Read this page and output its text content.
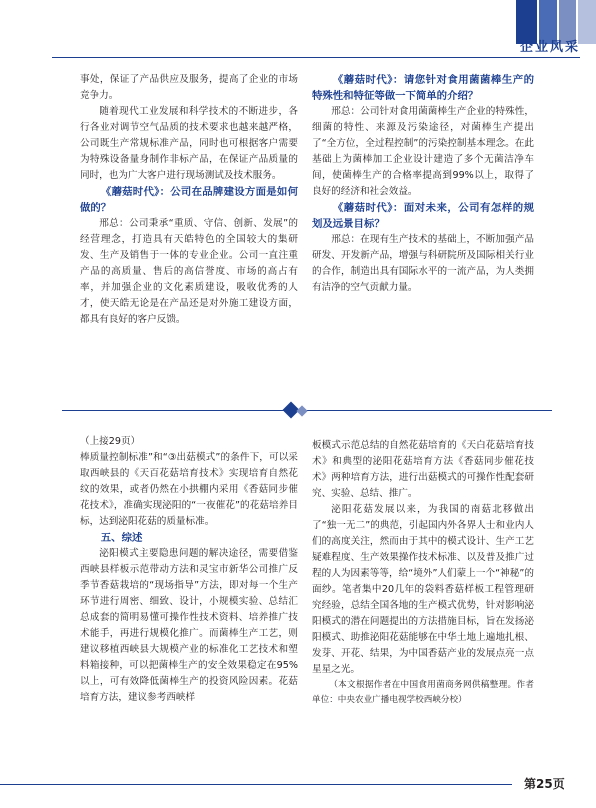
企业风采

事处，保证了产品供应及服务，提高了企业的市场竞争力。

随着现代工业发展和科学技术的不断进步，各行各业对调节空气品质的技术要求也越来越严格，公司既生产常规标准产品，同时也可根据客户需要为特殊设备量身制作非标产品，在保证产品质量的同时，也为广大客户进行现场测试及技术服务。

《蘑菇时代》：公司在品牌建设方面是如何做的？

邢总：公司秉承“重质、守信、创新、发展”的经营理念，打造具有天皓特色的全国较大的集研发、生产及销售于一体的专业企业。公司一直注重产品的高质量、售后的高信誉度、市场的高占有率，并加强企业的文化素质建设，吸收优秀的人才，使天皓无论是在产品还是对外施工建设方面，都具有良好的客户反馈。

《蘑菇时代》：请您针对食用菌菌棒生产的特殊性和特征等做一下简单的介绍？

邢总：公司针对食用菌菌棒生产企业的特殊性，细菌的特性、来源及污染途径，对菌棒生产提出了“全方位，全过程控制”的污染控制基本理念。在此基础上为菌棒加工企业设计建造了多个无菌洁净车间，使菌棒生产的合格率提高到99%以上，取得了良好的经济和社会效益。

《蘑菇时代》：面对未来，公司有怎样的规划及远景目标？

邢总：在现有生产技术的基础上，不断加强产品研发、开发新产品，增强与科研院所及国际相关行业的合作，制造出具有国际水平的一流产品，为人类拥有洁净的空气贡献力量。

（上接29页）

棒质量控制标准”和“③出菇模式”的条件下，可以采取西峡县的《天百花菇培育技术》实现培育自然花纹的效果，或者仍然在小拱棚内采用《香菇同步催花技术》，准确实现泌阳的“一夜催花”的花菇培养目标，达到泌阳花菇的质量标准。

五、综述

泌阳模式主要隐患问题的解决途径，需要借鉴西峡县样板示范带动方法和灵宝市新华公司推广反季节香菇栽培的“现场指导”方法，即对每一个生产环节进行周密、细致、设计，小规模实验、总结汇总成套的简明易懂可操作性技术资料、培养推广技术能手，再进行规模化推广。而菌棒生产工艺，则建议移植西峡县大规模产业的标准化工艺技术和塑料箱接种，可以把菌棒生产的安全效果稳定在95%以上，可有效降低菌棒生产的投资风险因素。花菇培育方法，建议参考西峡样

板模式示范总结的自然花菇培育的《天白花菇培育技术》和典型的泌阳花菇培育方法《香菇同步催花技术》两种培育方法，进行出菇模式的可操作性配套研究、实验、总结、推广。

泌阳花菇发展以来，为我国的南菇北移做出了“独一无二”的典范，引起国内外各界人士和业内人们的高度关注，然而由于其中的模式设计、生产工艺疑难程度、生产效果操作技术标准、以及普及推广过程的人为因素等等，给“境外”人们蒙上一个“神秘”的面纱。笔者集中20几年的袋料香菇样板工程管理研究经验，总结全国各地的生产模式优势，针对影响泌阳模式的潜在问题提出的方法措施目标，旨在发扬泌阳模式、助推泌阳花菇能够在中华土地上遍地扎根、发芽、开花、结果，为中国香菇产业的发展点亮一点星星之光。

（本文根据作者在中国食用菌商务网供稿整理。作者单位：中央农业广播电视学校西峡分校）

第25页
